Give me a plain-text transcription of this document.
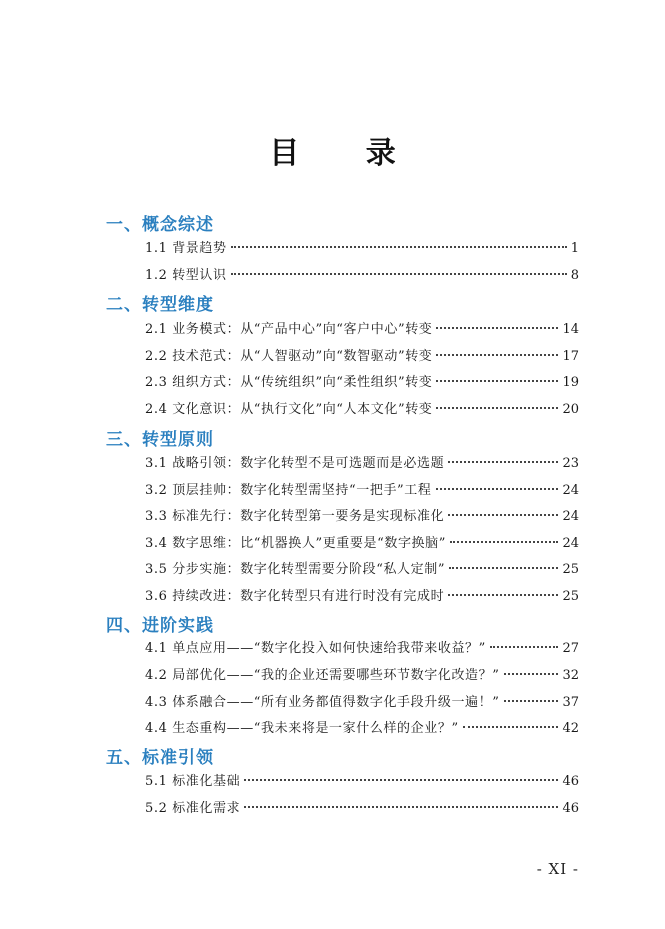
目 录
一、概念综述
1.1 背景趋势	1
1.2 转型认识	8
二、转型维度
2.1 业务模式：从“产品中心”向“客户中心”转变	14
2.2 技术范式：从“人智驱动”向“数智驱动”转变	17
2.3 组织方式：从“传统组织”向“柔性组织”转变	19
2.4 文化意识：从“执行文化”向“人本文化”转变	20
三、转型原则
3.1 战略引领：数字化转型不是可选题而是必选题	23
3.2 顶层挂帅：数字化转型需坚持“一把手”工程	24
3.3 标准先行：数字化转型第一要务是实现标准化	24
3.4 数字思维：比“机器换人”更重要是“数字换脑”	24
3.5 分步实施：数字化转型需要分阶段“私人定制”	25
3.6 持续改进：数字化转型只有进行时没有完成时	25
四、进阶实践
4.1 单点应用——“数字化投入如何快速给我带来收益？”	27
4.2 局部优化——“我的企业还需要哪些环节数字化改造？”	32
4.3 体系融合——“所有业务都值得数字化手段升级一遍！”	37
4.4 生态重构——“我未来将是一家什么样的企业？”	42
五、标准引领
5.1 标准化基础	46
5.2 标准化需求	46
- XI -
